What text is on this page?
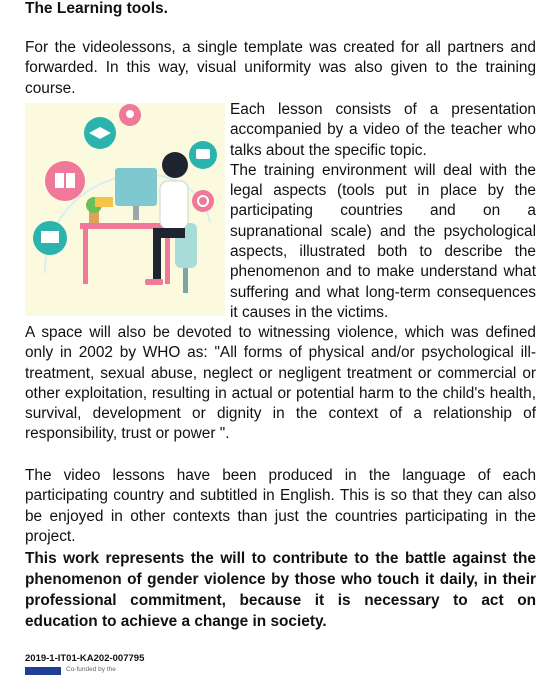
The Learning tools.
For the videolessons, a single template was created for all partners and forwarded. In this way, visual uniformity was also given to the training course.

Each lesson consists of a presentation accompanied by a video of the teacher who talks about the specific topic.

The training environment will deal with the legal aspects (tools put in place by the participating countries and on a supranational scale) and the psychological aspects, illustrated both to describe the phenomenon and to make understand what suffering and what long-term consequences it causes in the victims.

A space will also be devoted to witnessing violence, which was defined only in 2002 by WHO as: "All forms of physical and/or psychological ill-treatment, sexual abuse, neglect or negligent treatment or commercial or other exploitation, resulting in actual or potential harm to the child's health, survival, development or dignity in the context of a relationship of responsibility, trust or power ".
The video lessons have been produced in the language of each participating country and subtitled in English. This is so that they can also be enjoyed in other contexts than just the countries participating in the project.
This work represents the will to contribute to the battle against the phenomenon of gender violence by those who touch it daily, in their professional commitment, because it is necessary to act on education to achieve a change in society.
2019-1-IT01-KA202-007795
Co-funded by the
